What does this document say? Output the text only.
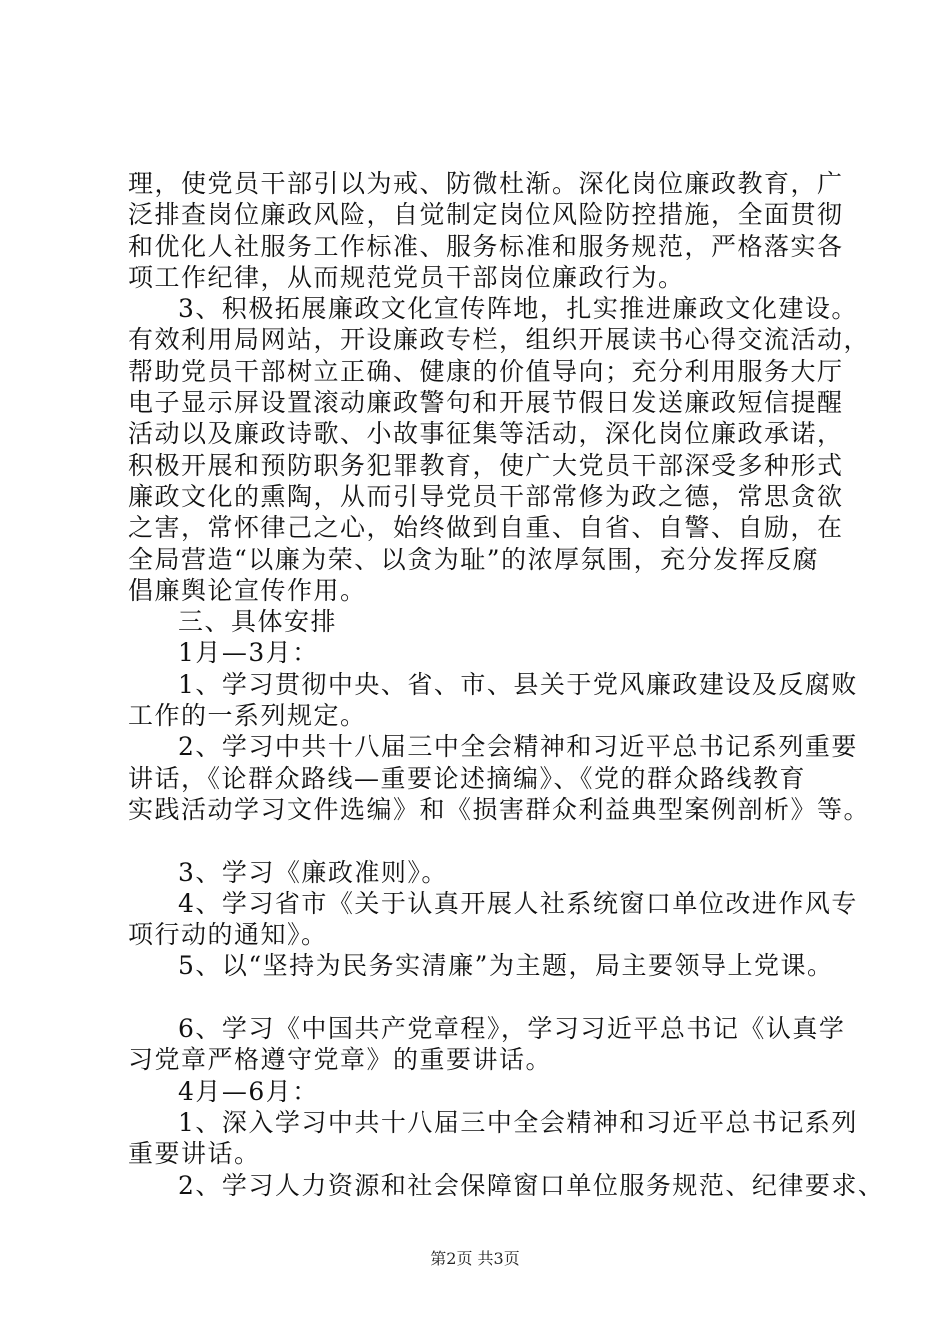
理，使党员干部引以为戒、防微杜渐。深化岗位廉政教育，广
泛排查岗位廉政风险，自觉制定岗位风险防控措施，全面贯彻
和优化人社服务工作标准、服务标准和服务规范，严格落实各
项工作纪律，从而规范党员干部岗位廉政行为。
3、积极拓展廉政文化宣传阵地，扎实推进廉政文化建设。
有效利用局网站，开设廉政专栏，组织开展读书心得交流活动，
帮助党员干部树立正确、健康的价值导向；充分利用服务大厅
电子显示屏设置滚动廉政警句和开展节假日发送廉政短信提醒
活动以及廉政诗歌、小故事征集等活动，深化岗位廉政承诺，
积极开展和预防职务犯罪教育，使广大党员干部深受多种形式
廉政文化的熏陶，从而引导党员干部常修为政之德，常思贪欲
之害，常怀律己之心，始终做到自重、自省、自警、自励，在
全局营造“以廉为荣、以贪为耻”的浓厚氛围，充分发挥反腐
倡廉舆论宣传作用。
三、具体安排
1月—3月：
1、学习贯彻中央、省、市、县关于党风廉政建设及反腐败
工作的一系列规定。
2、学习中共十八届三中全会精神和习近平总书记系列重要
讲话，《论群众路线—重要论述摘编》、《党的群众路线教育
实践活动学习文件选编》和《损害群众利益典型案例剖析》等。
3、学习《廉政准则》。
4、学习省市《关于认真开展人社系统窗口单位改进作风专
项行动的通知》。
5、以“坚持为民务实清廉”为主题，局主要领导上党课。
6、学习《中国共产党章程》，学习习近平总书记《认真学
习党章严格遵守党章》的重要讲话。
4月—6月：
1、深入学习中共十八届三中全会精神和习近平总书记系列
重要讲话。
2、学习人力资源和社会保障窗口单位服务规范、纪律要求、
第2页 共3页
